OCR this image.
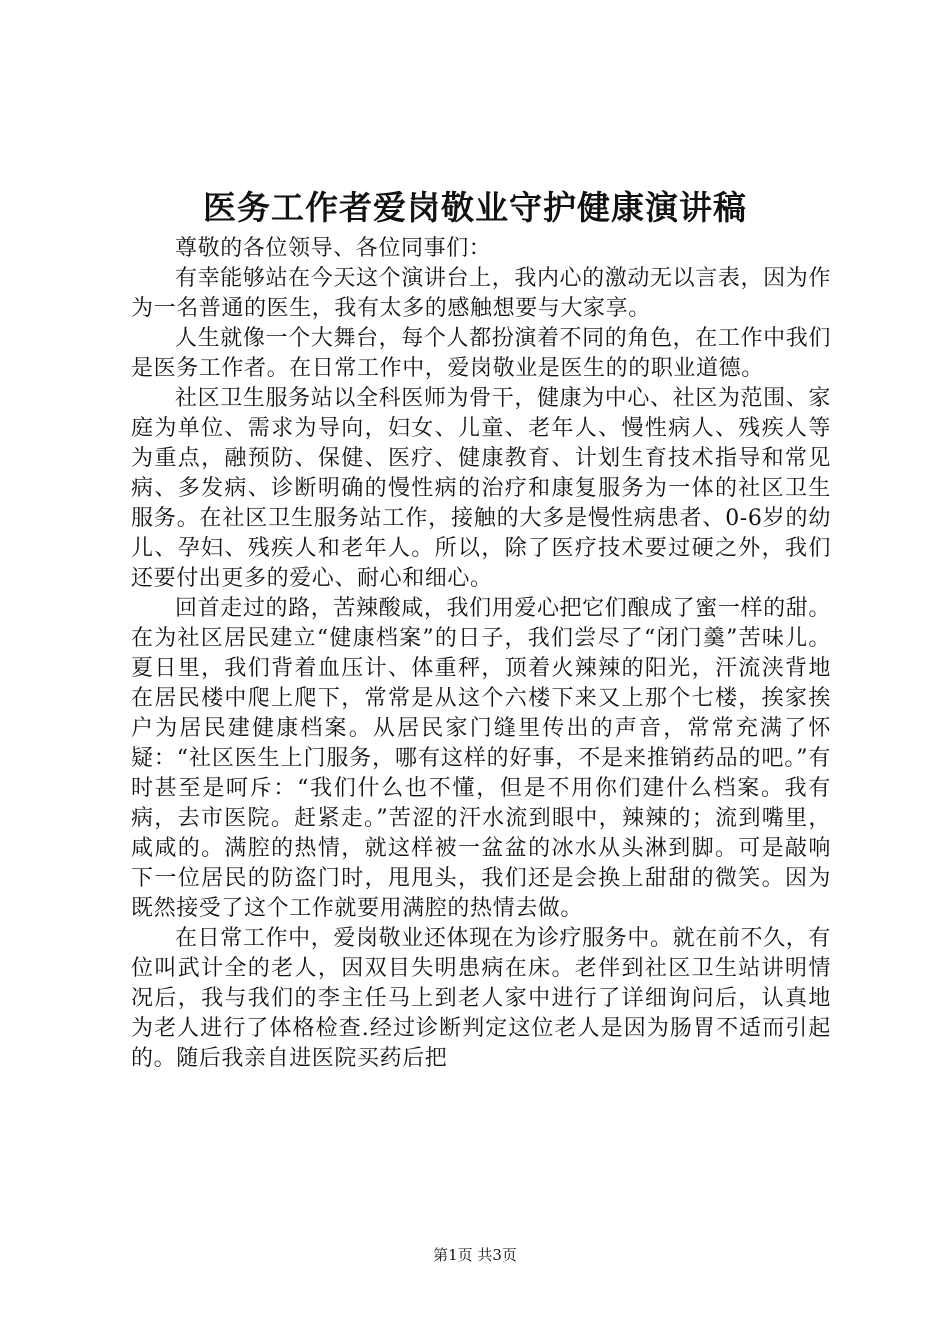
医务工作者爱岗敬业守护健康演讲稿

尊敬的各位领导、各位同事们：

有幸能够站在今天这个演讲台上，我内心的激动无以言表，因为作为一名普通的医生，我有太多的感触想要与大家享。

人生就像一个大舞台，每个人都扮演着不同的角色，在工作中我们是医务工作者。在日常工作中，爱岗敬业是医生的的职业道德。

社区卫生服务站以全科医师为骨干，健康为中心、社区为范围、家庭为单位、需求为导向，妇女、儿童、老年人、慢性病人、残疾人等为重点，融预防、保健、医疗、健康教育、计划生育技术指导和常见病、多发病、诊断明确的慢性病的治疗和康复服务为一体的社区卫生服务。在社区卫生服务站工作，接触的大多是慢性病患者、0-6岁的幼儿、孕妇、残疾人和老年人。所以，除了医疗技术要过硬之外，我们还要付出更多的爱心、耐心和细心。

回首走过的路，苦辣酸咸，我们用爱心把它们酿成了蜜一样的甜。在为社区居民建立“健康档案”的日子，我们尝尽了“闭门羹”苦味儿。夏日里，我们背着血压计、体重秤，顶着火辣辣的阳光，汗流浃背地在居民楼中爬上爬下，常常是从这个六楼下来又上那个七楼，挨家挨户为居民建健康档案。从居民家门缝里传出的声音，常常充满了怀疑：“社区医生上门服务，哪有这样的好事，不是来推销药品的吧。”有时甚至是呵斥：“我们什么也不懂，但是不用你们建什么档案。我有病，去市医院。赶紧走。”苦涩的汗水流到眼中，辣辣的；流到嘴里，咸咸的。满腔的热情，就这样被一盆盆的冰水从头淋到脚。可是敲响下一位居民的防盗门时，甩甩头，我们还是会换上甜甜的微笑。因为既然接受了这个工作就要用满腔的热情去做。

在日常工作中，爱岗敬业还体现在为诊疗服务中。就在前不久，有位叫武计全的老人，因双目失明患病在床。老伴到社区卫生站讲明情况后，我与我们的李主任马上到老人家中进行了详细询问后，认真地为老人进行了体格检查.经过诊断判定这位老人是因为肠胃不适而引起的。随后我亲自进医院买药后把

第1页 共3页
